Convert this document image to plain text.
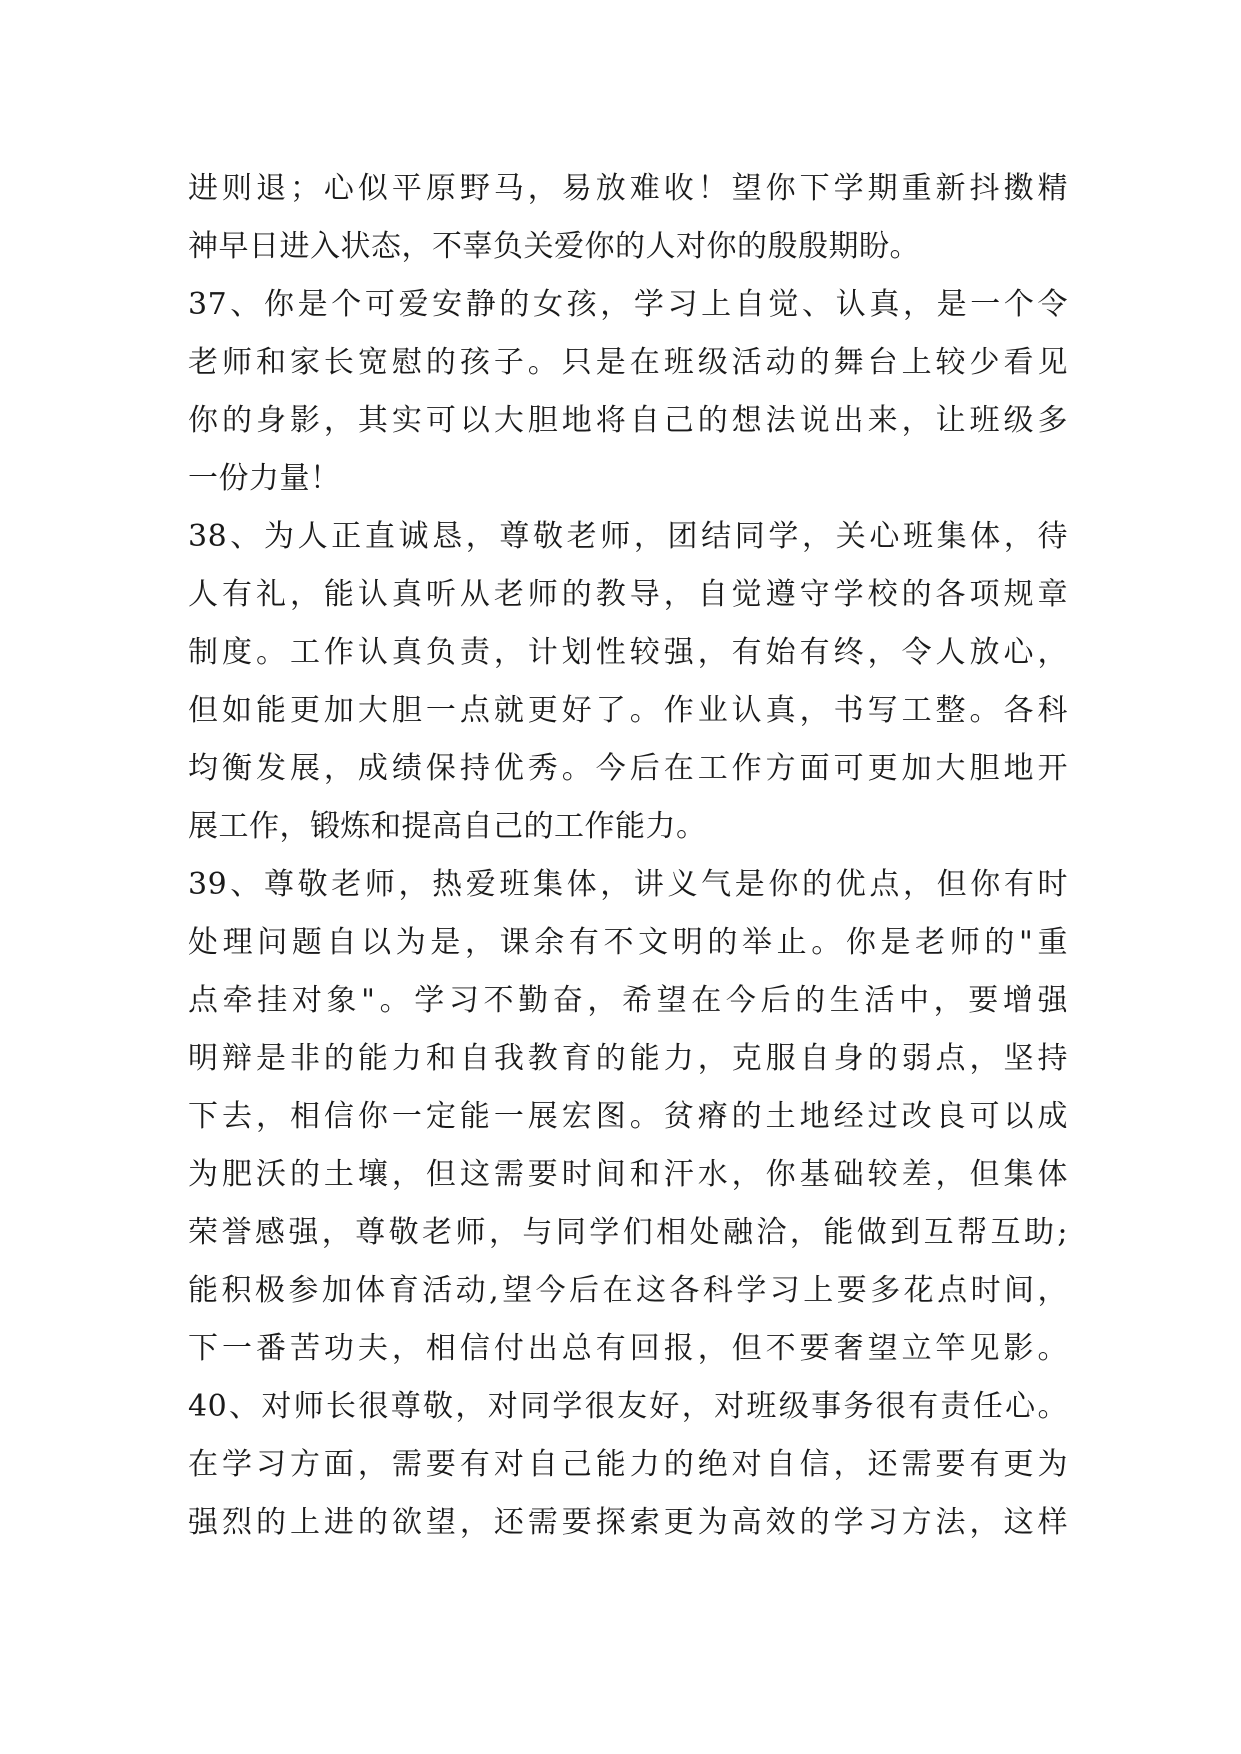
进则退；心似平原野马，易放难收！望你下学期重新抖擞精
神早日进入状态，不辜负关爱你的人对你的殷殷期盼。
37、你是个可爱安静的女孩，学习上自觉、认真，是一个令
老师和家长宽慰的孩子。只是在班级活动的舞台上较少看见
你的身影，其实可以大胆地将自己的想法说出来，让班级多
一份力量！
38、为人正直诚恳，尊敬老师，团结同学，关心班集体，待
人有礼，能认真听从老师的教导，自觉遵守学校的各项规章
制度。工作认真负责，计划性较强，有始有终，令人放心，
但如能更加大胆一点就更好了。作业认真，书写工整。各科
均衡发展，成绩保持优秀。今后在工作方面可更加大胆地开
展工作，锻炼和提高自己的工作能力。
39、尊敬老师，热爱班集体，讲义气是你的优点，但你有时
处理问题自以为是，课余有不文明的举止。你是老师的"重
点牵挂对象"。学习不勤奋，希望在今后的生活中，要增强
明辩是非的能力和自我教育的能力，克服自身的弱点，坚持
下去，相信你一定能一展宏图。贫瘠的土地经过改良可以成
为肥沃的土壤，但这需要时间和汗水，你基础较差，但集体
荣誉感强，尊敬老师，与同学们相处融洽，能做到互帮互助;
能积极参加体育活动,望今后在这各科学习上要多花点时间，
下一番苦功夫，相信付出总有回报，但不要奢望立竿见影。
40、对师长很尊敬，对同学很友好，对班级事务很有责任心。
在学习方面，需要有对自己能力的绝对自信，还需要有更为
强烈的上进的欲望，还需要探索更为高效的学习方法，这样
